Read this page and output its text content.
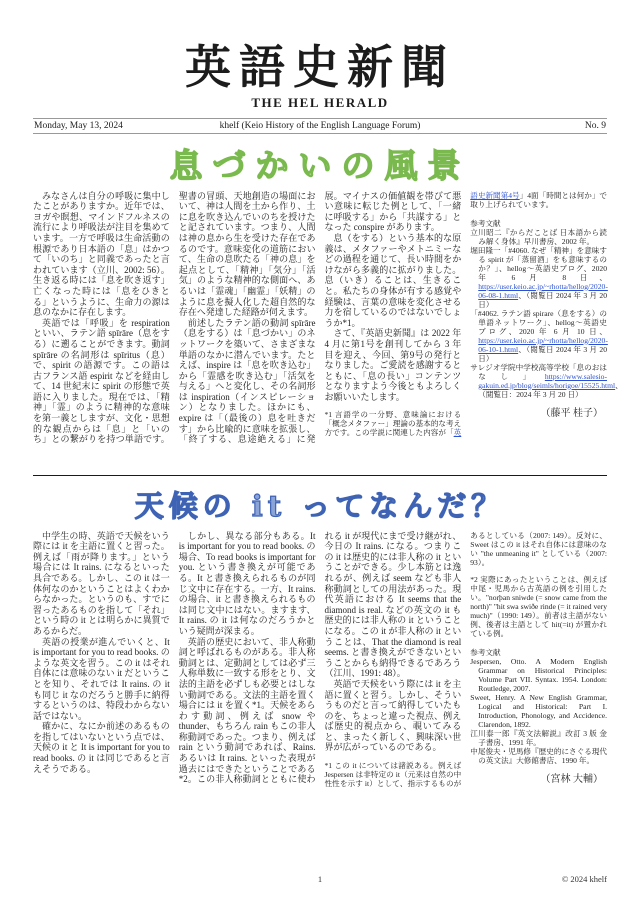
英語史新聞
THE HEL HERALD
Monday, May 13, 2024	khelf (Keio History of the English Language Forum)	No. 9
息づかいの風景

みなさんは自分の呼吸に集中したことがありますか。近年では、ヨガや瞑想、マインドフルネスの流行により呼吸法が注目を集めています。一方で呼吸は生命活動の根源であり日本語の「息」はかつて「いのち」と同義であったと言われています（立川、2002: 56）。生き返る時には「息を吹き返す」亡くなった時には「息をひきとる」というように、生命力の源は息のなかに存在します。

英語では「呼吸」を respiration といい、ラテン語 spīrāre（息をする）に遡ることができます。動詞 spīrāre の名詞形は spīritus（息）で、spirit の語源です。この語は古フランス語 espirit などを経由して、14 世紀末に spirit の形態で英語に入りました。現在では、「精神」「霊」のように精神的な意味を第一義としますが、文化・思想的な観点からは「息」と「いのち」との繋がりを持つ単語です。聖書の冒頭、天地創造の場面において、神は人間を土から作り、土に息を吹き込んでいのちを授けたと記されています。つまり、人間は神の息から生を受けた存在であるのです。意味変化の道筋において、生命の息吹たる「神の息」を起点として、「精神」「気分」「活気」のような精神的な側面へ、あるいは「霊魂」「幽霊」「妖精」のように息を擬人化した超自然的な存在へ発達した経路が伺えます。

前述したラテン語の動詞 spīrāre（息をする）は「息づかい」のネットワークを築いて、さまざまな単語のなかに潜んでいます。たとえば、inspire は「息を吹き込む」から「霊感を吹き込む」「活気を与える」へと変化し、その名詞形は inspiration（インスピレーション）となりました。ほかにも、expire は「（最後の）息を吐きだす」から比喩的に意味を拡張し、「終了する、息途絶える」に発展。マイナスの価値観を帯びて悪い意味に転じた例として、「一緒に呼吸する」から「共謀する」となった conspire があります。

息（をする）という基本的な原義は、メタファーやメトニミーなどの過程を通じて、長い時間をかけながら多義的に拡がりました。息（いき）ることは、生きること。私たちの身体が有する感覚や経験は、言葉の意味を変化させる力を宿しているのではないでしょうか*1。

さて、『英語史新聞』は 2022 年 4 月に第1号を創刊してから 3 年目を迎え、今回、第9号の発行となりました。ご愛読を感謝するとともに、「息の長い」コンテンツとなりますよう今後ともよろしくお願いいたします。

*1 言語学の一分野、意味論における「概念メタファー」理論の基本的な考え方です。この学説に関連した内容が「英語史新聞第4号」4面「時間とは何か」で取り上げられています。

参考文献

立川昭二『からだことば 日本語から読み解く身体』早川書房、2002 年。

堀田隆一「#4060. なぜ「精神」を意味する spirit が「蒸留酒」をも意味するのか？」、hellog～英語史ブログ、2020 年 6 月 8 日、https://user.keio.ac.jp/~rhotta/hellog/2020-06-08-1.html、（閲覧日 2024 年 3 月 20 日）

「#4062. ラテン語 spirare（息をする）の単語ネットワーク」、hellog～英語史ブログ、2020 年 6 月 10 日、https://user.keio.ac.jp/~rhotta/hellog/2020-06-10-1.html、（閲覧日 2024 年 3 月 20 日）

サレジオ学院中学校高等学校「息のおはなし」https://www.salesio-gakuin.ed.jp/blog/seimls/horigoe/15525.html、（閲覧日：2024 年 3 月 20 日）

（藤平 桂子）

天候の it ってなんだ？

中学生の時、英語で天候をいう際には it を主語に置くと習った。例えば「雨が降ります。」という場合には It rains. になるといった具合である。しかし、この it は一体何なのかということはよくわからなかった。というのも、すでに習ったあるものを指して「それ」という時の it とは明らかに異質であるからだ。

英語の授業が進んでいくと、It is important for you to read books. のような英文を習う。この it はそれ自体には意味のない it だということを知り、それでは It rains. の it も同じ it なのだろうと勝手に納得するというのは、特段わからない話ではない。

確かに、なにか前述のあるものを指してはいないという点では、天候の it と It is important for you to read books. の it は同じであると言えそうである。

しかし、異なる部分もある。It is important for you to read books. の場合、To read books is important for you. という書き換えが可能である。It と書き換えられるものが同じ文中に存在する。一方、It rains. の場合、it と書き換えられるものは同じ文中にはない。ますます、It rains. の it は何なのだろうかという疑問が深まる。

英語の歴史において、非人称動詞と呼ばれるものがある。非人称動詞とは、定動詞としては必ず三人称単数に一致する形をとり、文法的主語を必ずしも必要とはしない動詞である。文法的主語を置く場合には it を置く*1。天候をあらわす動詞、例えば snow や thunder、もちろん rain もこの非人称動詞であった。つまり、例えば rain という動詞であれば、Rains. あるいは It rains. といった表現が過去にはできたということである*2。この非人称動詞とともに使われる it が現代にまで受け継がれ、今日の It rains. になる。つまりこの it は歴史的には非人称の it ということができる。少し本筋とは逸れるが、例えば seem なども非人称動詞としての用法があった。現代英語における It seems that the diamond is real. などの英文の it も歴史的には非人称の it ということになる。この it が非人称の it ということは、That the diamond is real seems. と書き換えができないということからも納得できるであろう（江川、1991: 48）。

英語で天候をいう際には it を主語に置くと習う。しかし、そういうものだと言って納得していたものを、ちょっと違った視点、例えば歴史的視点から、覗いてみると、まったく新しく、興味深い世界が広がっているのである。

*1 この it については諸説ある。例えば Jespersen は非特定の it（元来は自然の中性性を示す it）として、指示するものがあるとしている（2007: 149）。反対に、Sweet はこの it はそれ自体には意味のない "the unmeaning it" としている（2007: 93）。

*2 実際にあったということは、例えば中尾・児馬から古英語の例を引用したい。"norþan sniwde (= snow came from the north)" "hit swa swiðe rinde (= it rained very much)"（1990: 149）。前者は主語がない例、後者は主語として hit(=it) が置かれている例。

参考文献

Jespersen, Otto. A Modern English Grammar on Historical Principles: Volume Part VII. Syntax. 1954. London: Routledge, 2007.

Sweet, Henry. A New English Grammar, Logical and Historical: Part I. Introduction, Phonology, and Accidence. Clarendon, 1892.

江川泰一郎『英文法解説』改訂 3 版 金子書房、1991 年。

中尾俊夫・児馬修『歴史的にさぐる現代の英文法』大修館書店、1990 年。

（宮林 大輔）

1	© 2024 khelf
